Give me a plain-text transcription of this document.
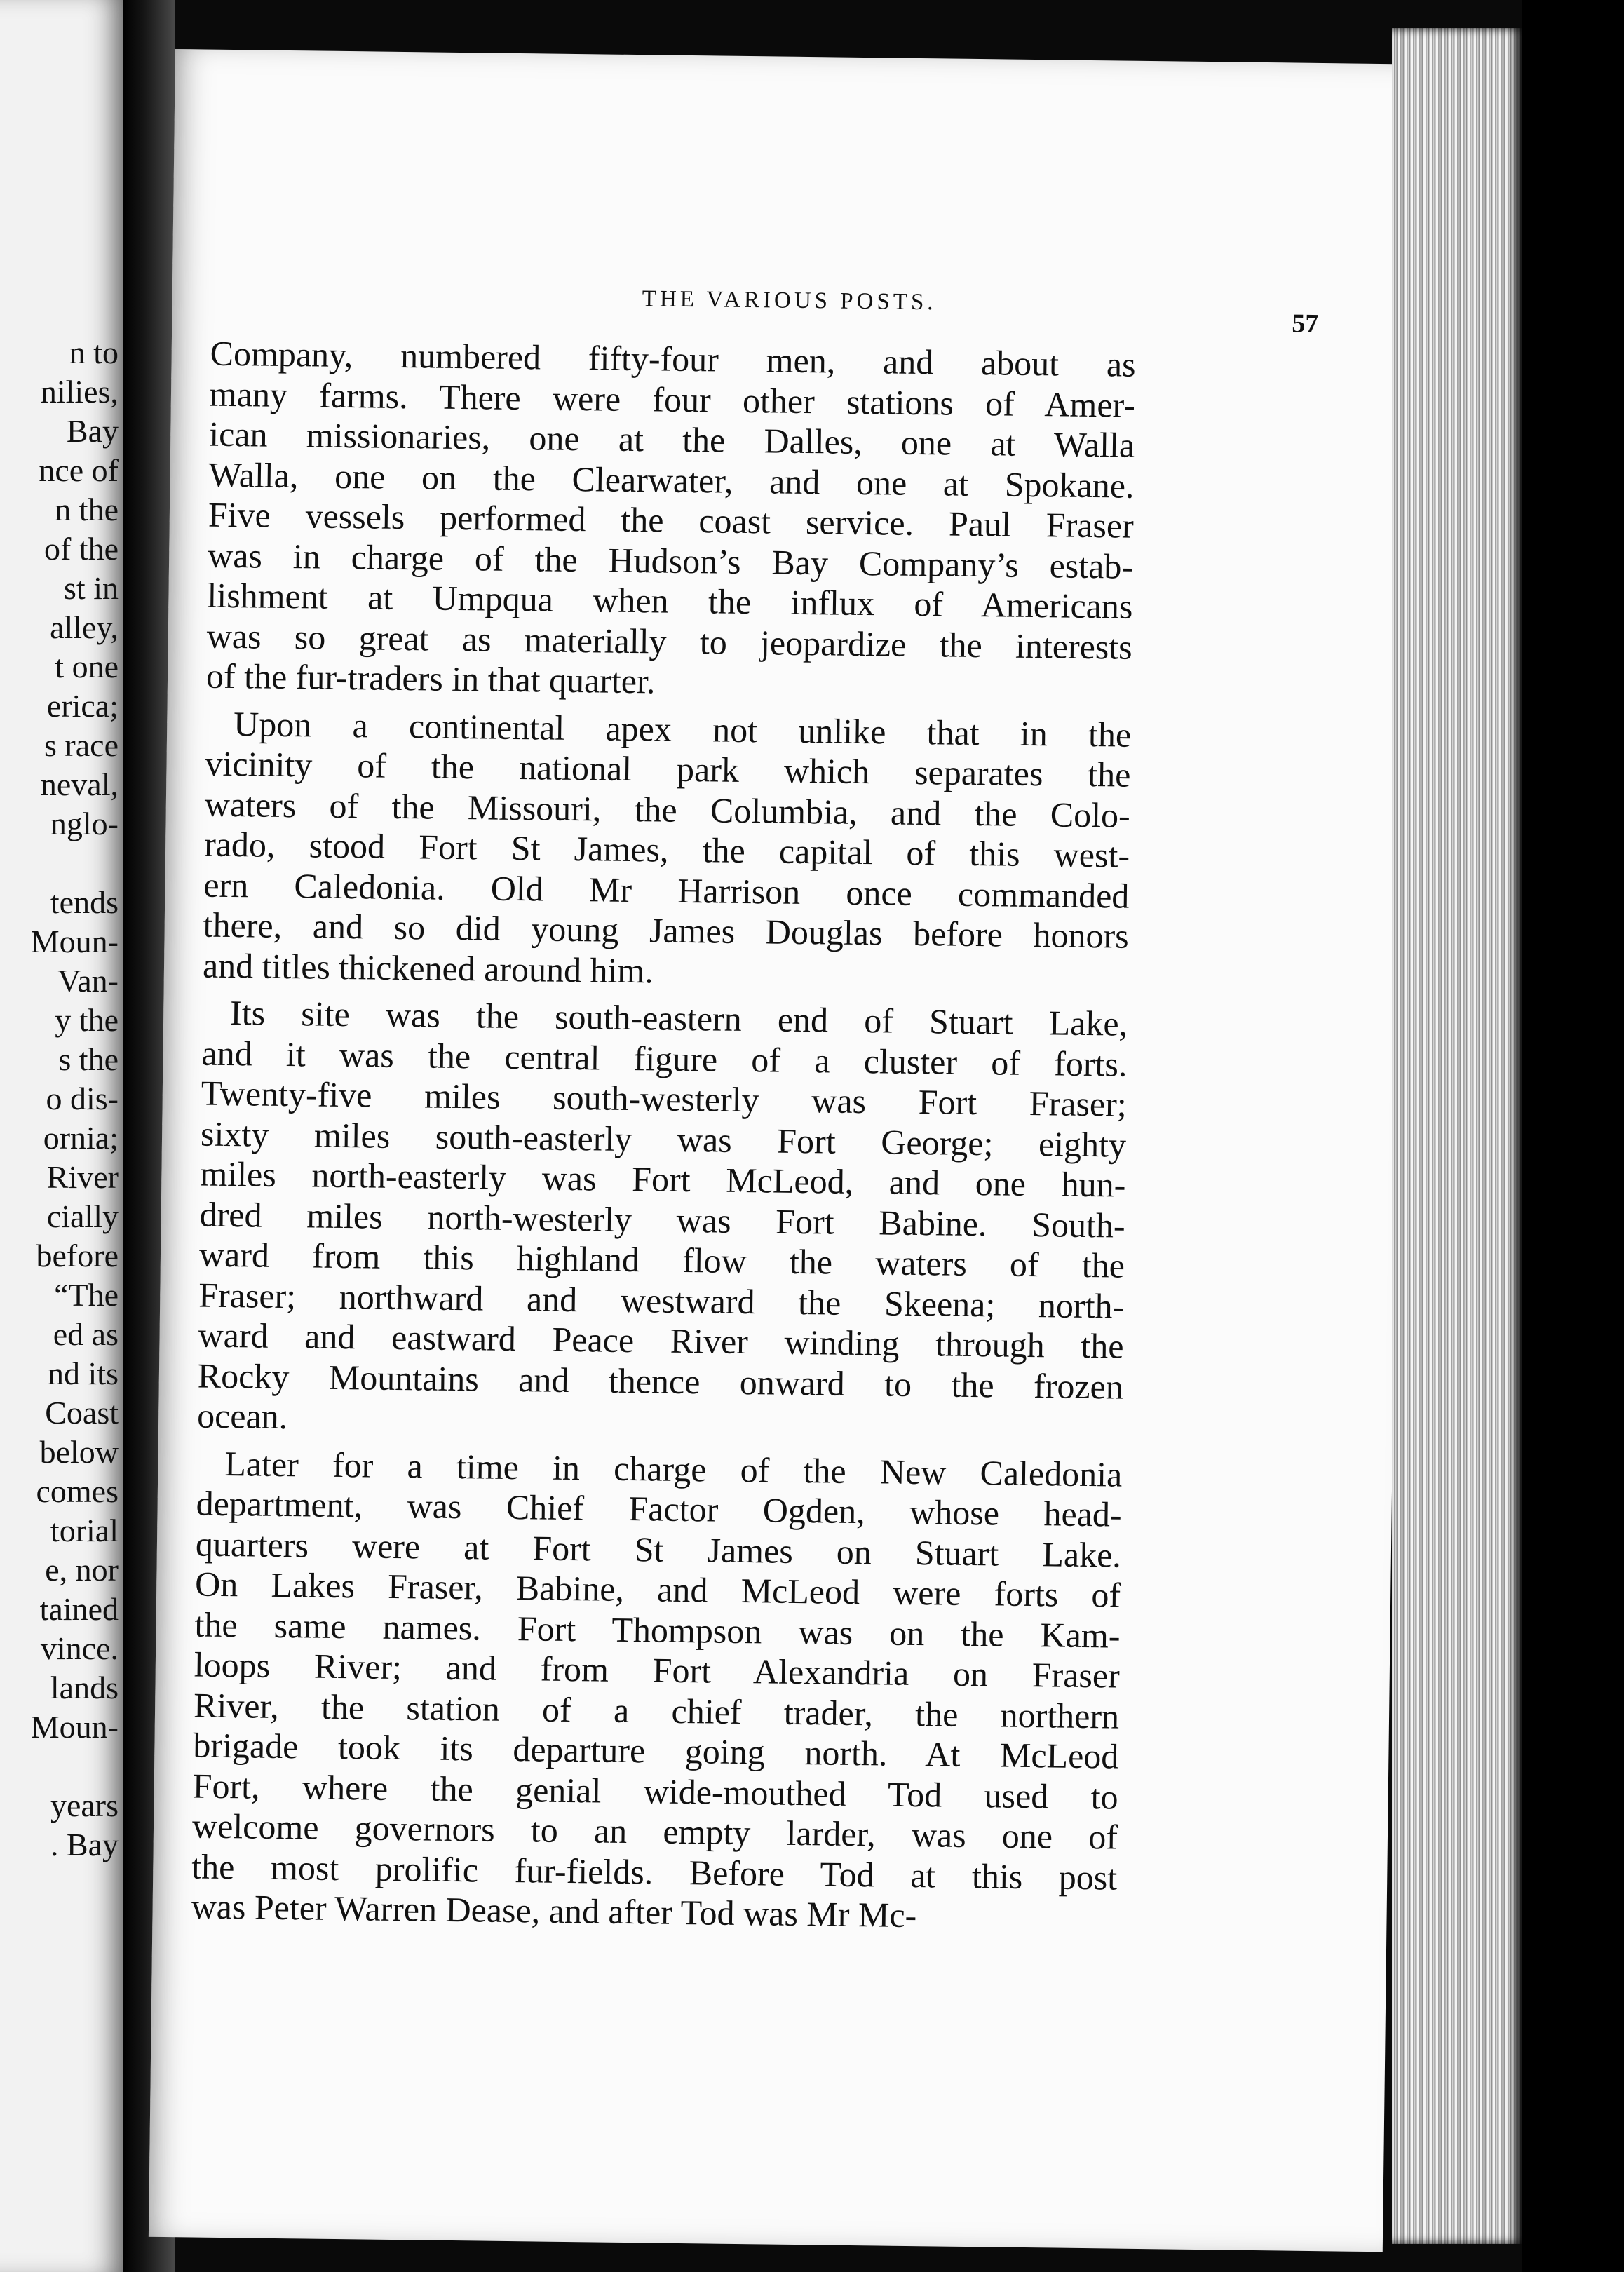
n to
nilies,
Bay
nce of
n the
of the
st in
alley,
t one
erica;
s race
neval,
nglo-
tends
Moun-
Van-
y the
s the
o dis-
ornia;
River
cially
before
“The
ed as
nd its
Coast
below
comes
torial
e, nor
tained
vince.
lands
Moun-
years
. Bay
THE VARIOUS POSTS.
57
Company, numbered fifty-four men, and about as
many farms. There were four other stations of Amer-
ican missionaries, one at the Dalles, one at Walla
Walla, one on the Clearwater, and one at Spokane.
Five vessels performed the coast service. Paul Fraser
was in charge of the Hudson’s Bay Company’s estab-
lishment at Umpqua when the influx of Americans
was so great as materially to jeopardize the interests
of the fur-traders in that quarter.
Upon a continental apex not unlike that in the
vicinity of the national park which separates the
waters of the Missouri, the Columbia, and the Colo-
rado, stood Fort St James, the capital of this west-
ern Caledonia. Old Mr Harrison once commanded
there, and so did young James Douglas before honors
and titles thickened around him.
Its site was the south-eastern end of Stuart Lake,
and it was the central figure of a cluster of forts.
Twenty-five miles south-westerly was Fort Fraser;
sixty miles south-easterly was Fort George; eighty
miles north-easterly was Fort McLeod, and one hun-
dred miles north-westerly was Fort Babine. South-
ward from this highland flow the waters of the
Fraser; northward and westward the Skeena; north-
ward and eastward Peace River winding through the
Rocky Mountains and thence onward to the frozen
ocean.
Later for a time in charge of the New Caledonia
department, was Chief Factor Ogden, whose head-
quarters were at Fort St James on Stuart Lake.
On Lakes Fraser, Babine, and McLeod were forts of
the same names. Fort Thompson was on the Kam-
loops River; and from Fort Alexandria on Fraser
River, the station of a chief trader, the northern
brigade took its departure going north. At McLeod
Fort, where the genial wide-mouthed Tod used to
welcome governors to an empty larder, was one of
the most prolific fur-fields. Before Tod at this post
was Peter Warren Dease, and after Tod was Mr Mc-
